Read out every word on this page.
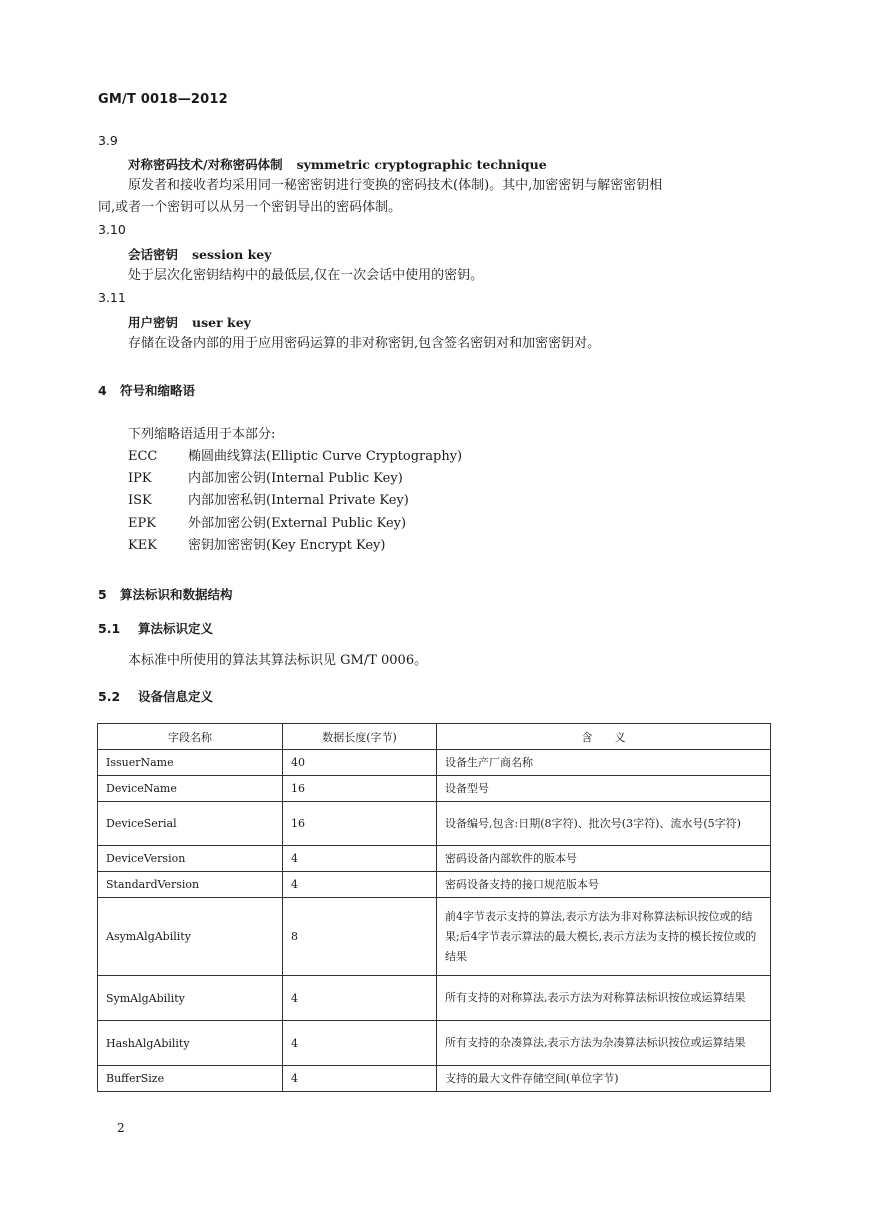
GM/T 0018—2012
3.9
对称密码技术/对称密码体制 symmetric cryptographic technique
原发者和接收者均采用同一秘密密钥进行变换的密码技术(体制)。其中,加密密钥与解密密钥相
同,或者一个密钥可以从另一个密钥导出的密码体制。
3.10
会话密钥 session key
处于层次化密钥结构中的最低层,仅在一次会话中使用的密钥。
3.11
用户密钥 user key
存储在设备内部的用于应用密码运算的非对称密钥,包含签名密钥对和加密密钥对。
4 符号和缩略语
下列缩略语适用于本部分:
ECC 椭圆曲线算法(Elliptic Curve Cryptography)
IPK	内部加密公钥(Internal Public Key)
ISK	内部加密私钥(Internal Private Key)
EPK 外部加密公钥(External Public Key)
KEK 密钥加密密钥(Key Encrypt Key)
5 算法标识和数据结构
5.1 算法标识定义
本标准中所使用的算法其算法标识见 GM/T 0006。
5.2 设备信息定义
字段名称	数据长度(字节)	含　　义
IssuerName	40	设备生产厂商名称
DeviceName	16	设备型号
DeviceSerial	16	设备编号,包含:日期(8字符)、批次号(3字符)、流水号(5字符)
DeviceVersion	4	密码设备内部软件的版本号
StandardVersion	4	密码设备支持的接口规范版本号
AsymAlgAbility	8	前4字节表示支持的算法,表示方法为非对称算法标识按位或的结果;后4字节表示算法的最大模长,表示方法为支持的模长按位或的结果
SymAlgAbility	4	所有支持的对称算法,表示方法为对称算法标识按位或运算结果
HashAlgAbility	4	所有支持的杂凑算法,表示方法为杂凑算法标识按位或运算结果
BufferSize	4	支持的最大文件存储空间(单位字节)
2
